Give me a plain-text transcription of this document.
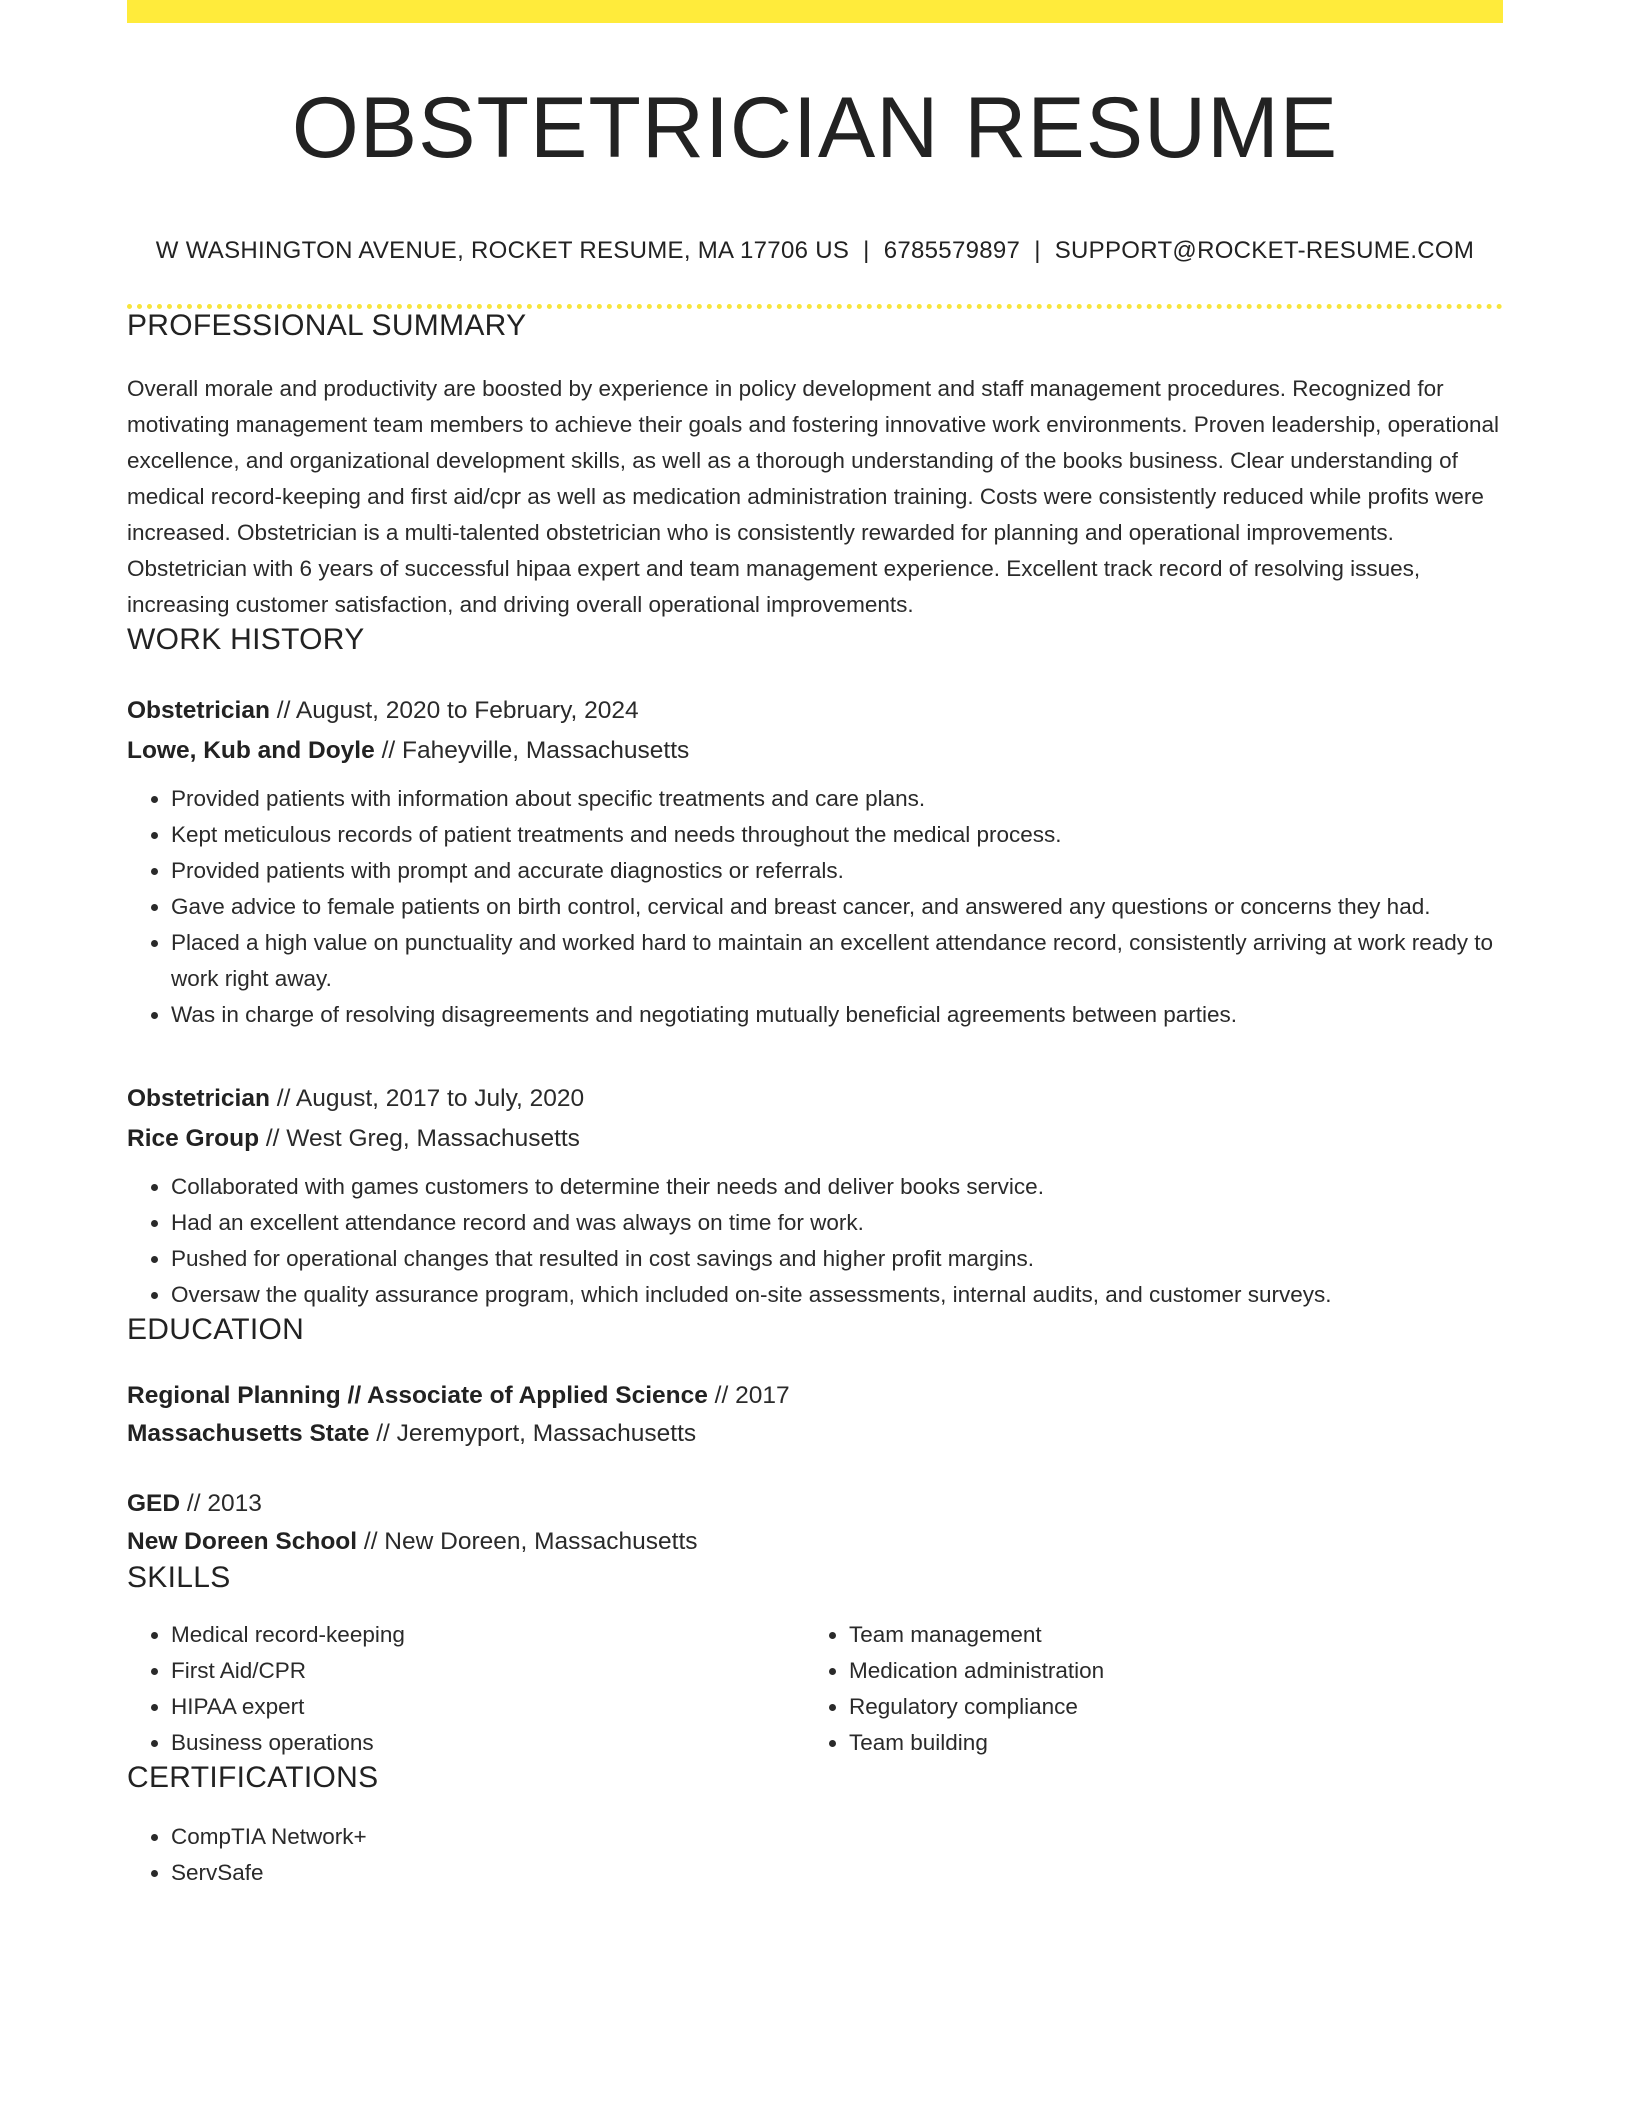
OBSTETRICIAN RESUME
W WASHINGTON AVENUE, ROCKET RESUME, MA 17706 US | 6785579897 | SUPPORT@ROCKET-RESUME.COM
PROFESSIONAL SUMMARY

Overall morale and productivity are boosted by experience in policy development and staff management procedures. Recognized for motivating management team members to achieve their goals and fostering innovative work environments. Proven leadership, operational excellence, and organizational development skills, as well as a thorough understanding of the books business. Clear understanding of medical record-keeping and first aid/cpr as well as medication administration training. Costs were consistently reduced while profits were increased. Obstetrician is a multi-talented obstetrician who is consistently rewarded for planning and operational improvements. Obstetrician with 6 years of successful hipaa expert and team management experience. Excellent track record of resolving issues, increasing customer satisfaction, and driving overall operational improvements.

WORK HISTORY
Obstetrician // August, 2020 to February, 2024
Lowe, Kub and Doyle // Faheyville, Massachusetts
• Provided patients with information about specific treatments and care plans.
• Kept meticulous records of patient treatments and needs throughout the medical process.
• Provided patients with prompt and accurate diagnostics or referrals.
• Gave advice to female patients on birth control, cervical and breast cancer, and answered any questions or concerns they had.
• Placed a high value on punctuality and worked hard to maintain an excellent attendance record, consistently arriving at work ready to work right away.
• Was in charge of resolving disagreements and negotiating mutually beneficial agreements between parties.
Obstetrician // August, 2017 to July, 2020
Rice Group // West Greg, Massachusetts
• Collaborated with games customers to determine their needs and deliver books service.
• Had an excellent attendance record and was always on time for work.
• Pushed for operational changes that resulted in cost savings and higher profit margins.
• Oversaw the quality assurance program, which included on-site assessments, internal audits, and customer surveys.
EDUCATION
Regional Planning // Associate of Applied Science // 2017
Massachusetts State // Jeremyport, Massachusetts
GED // 2013
New Doreen School // New Doreen, Massachusetts
SKILLS
• Medical record-keeping
• First Aid/CPR
• HIPAA expert
• Business operations
• Team management
• Medication administration
• Regulatory compliance
• Team building
CERTIFICATIONS
• CompTIA Network+
• ServSafe
